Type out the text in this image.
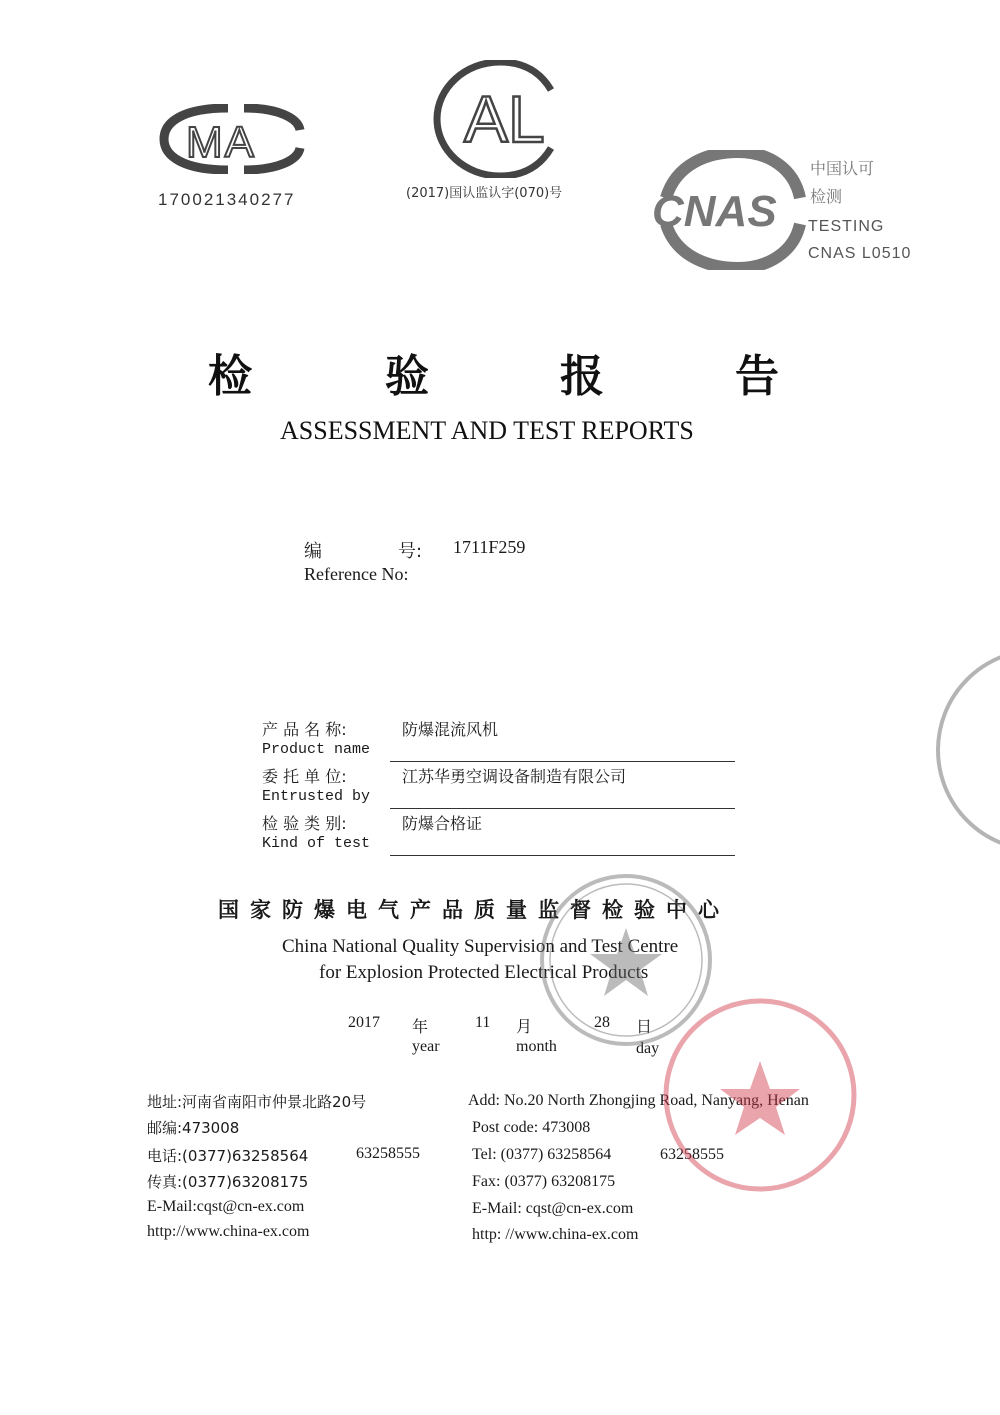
MA
170021340277
AL
(2017)国认监认字(070)号 CNAS
中国认可
检测
TESTING
CNAS L0510
检	验	报	告
ASSESSMENT AND TEST REPORTS
编	号: 1711F259
Reference No:
产 品 名 称:
Product name
防爆混流风机
委 托 单 位:
Entrusted by
江苏华勇空调设备制造有限公司
检 验 类 别:
Kind of test
防爆合格证
国家防爆电气产品质量监督检验中心
China National Quality Supervision and Test Centre
for Explosion Protected Electrical Products
2017 年
year
11 月
month
28 日
day
地址:河南省南阳市仲景北路20号
邮编:473008
电话:(0377)63258564	63258555
传真:(0377)63208175
E-Mail:cqst@cn-ex.com
http://www.china-ex.com
Add: No.20 North Zhongjing Road, Nanyang, Henan
Post code: 473008
Tel: (0377) 63258564	63258555
Fax: (0377) 63208175
E-Mail: cqst@cn-ex.com
http: //www.china-ex.com
